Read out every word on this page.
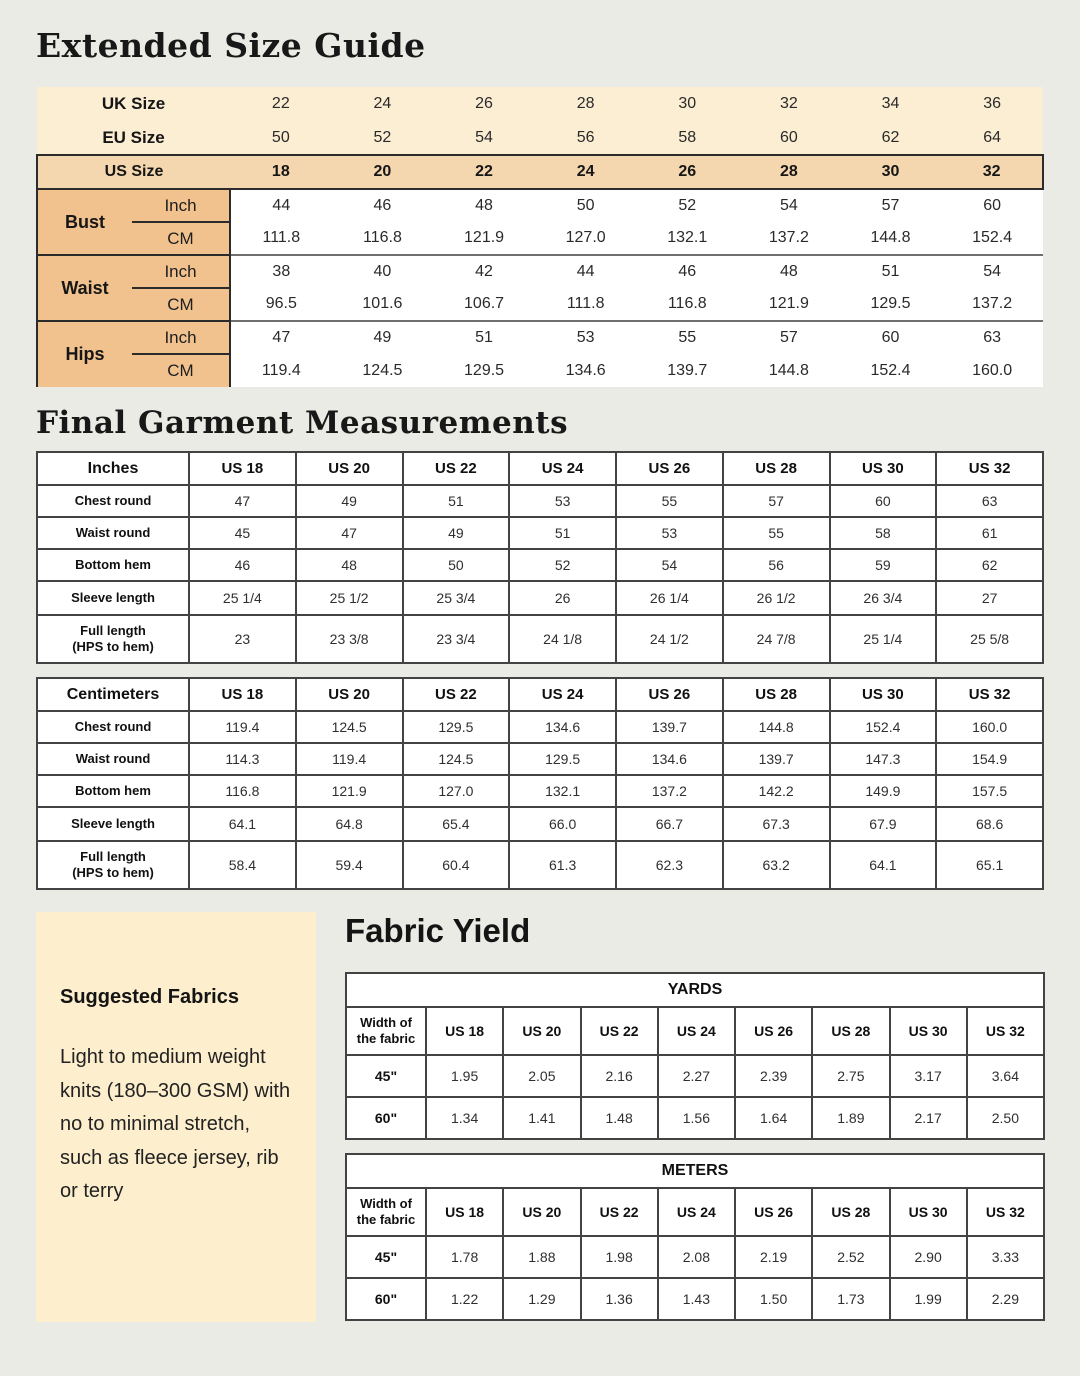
Extended Size Guide
UK Size		22	24	26	28	30	32	34	36
EU Size		50	52	54	56	58	60	62	64
US Size		18	20	22	24	26	28	30	32
Bust	Inch	44	46	48	50	52	54	57	60
	CM	111.8	116.8	121.9	127.0	132.1	137.2	144.8	152.4
Waist	Inch	38	40	42	44	46	48	51	54
	CM	96.5	101.6	106.7	111.8	116.8	121.9	129.5	137.2
Hips	Inch	47	49	51	53	55	57	60	63
	CM	119.4	124.5	129.5	134.6	139.7	144.8	152.4	160.0
Final Garment Measurements
Inches	US 18	US 20	US 22	US 24	US 26	US 28	US 30	US 32
Chest round	47	49	51	53	55	57	60	63
Waist round	45	47	49	51	53	55	58	61
Bottom hem	46	48	50	52	54	56	59	62
Sleeve length	25 1/4	25 1/2	25 3/4	26	26 1/4	26 1/2	26 3/4	27

Full length
(HPS to hem)	23	23 3/8	23 3/4	24 1/8	24 1/2	24 7/8	25 1/4	25 5/8
Centimeters	US 18	US 20	US 22	US 24	US 26	US 28	US 30	US 32
Chest round	119.4	124.5	129.5	134.6	139.7	144.8	152.4	160.0
Waist round	114.3	119.4	124.5	129.5	134.6	139.7	147.3	154.9
Bottom hem	116.8	121.9	127.0	132.1	137.2	142.2	149.9	157.5
Sleeve length	64.1	64.8	65.4	66.0	66.7	67.3	67.9	68.6

Full length
(HPS to hem)	58.4	59.4	60.4	61.3	62.3	63.2	64.1	65.1
Suggested Fabrics

Light to medium weight knits (180–300 GSM) with no to minimal stretch, such as fleece jersey, rib or terry

Fabric Yield
YARDS								
Width of the fabric	US 18	US 20	US 22	US 24	US 26	US 28	US 30	US 32
45"	1.95	2.05	2.16	2.27	2.39	2.75	3.17	3.64
60"	1.34	1.41	1.48	1.56	1.64	1.89	2.17	2.50
METERS								
Width of the fabric	US 18	US 20	US 22	US 24	US 26	US 28	US 30	US 32
45"	1.78	1.88	1.98	2.08	2.19	2.52	2.90	3.33
60"	1.22	1.29	1.36	1.43	1.50	1.73	1.99	2.29
